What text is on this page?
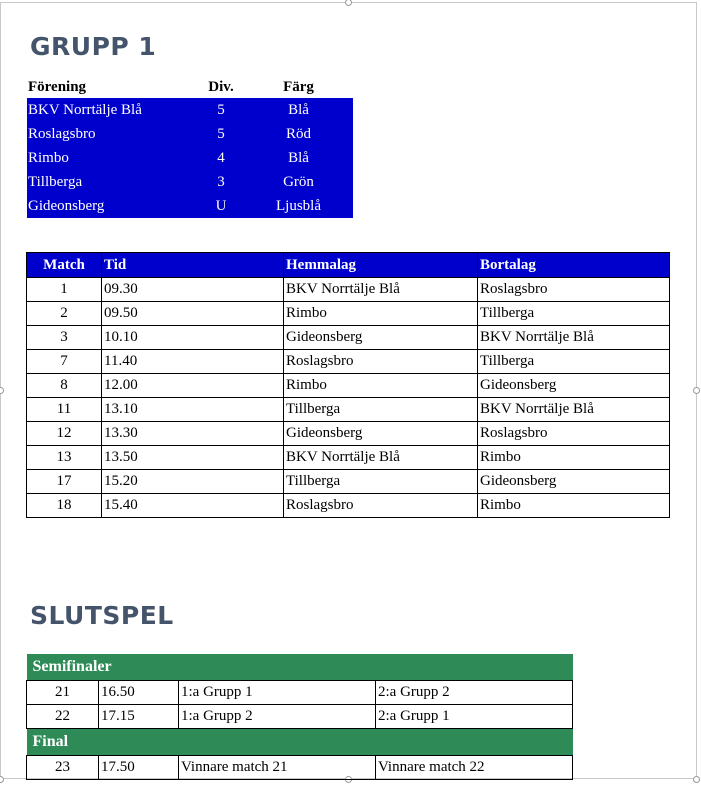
GRUPP 1
Förening	Div.	Färg
BKV Norrtälje Blå	5	Blå
Roslagsbro	5	Röd
Rimbo	4	Blå
Tillberga	3	Grön
Gideonsberg	U	Ljusblå
Match	Tid	Hemmalag	Bortalag
1	09.30	BKV Norrtälje Blå	Roslagsbro
2	09.50	Rimbo	Tillberga
3	10.10	Gideonsberg	BKV Norrtälje Blå
7	11.40	Roslagsbro	Tillberga
8	12.00	Rimbo	Gideonsberg
11	13.10	Tillberga	BKV Norrtälje Blå
12	13.30	Gideonsberg	Roslagsbro
13	13.50	BKV Norrtälje Blå	Rimbo
17	15.20	Tillberga	Gideonsberg
18	15.40	Roslagsbro	Rimbo
SLUTSPEL
Semifinaler			
21	16.50	1:a Grupp 1	2:a Grupp 2
22	17.15	1:a Grupp 2	2:a Grupp 1
Final			
23	17.50	Vinnare match 21	Vinnare match 22
